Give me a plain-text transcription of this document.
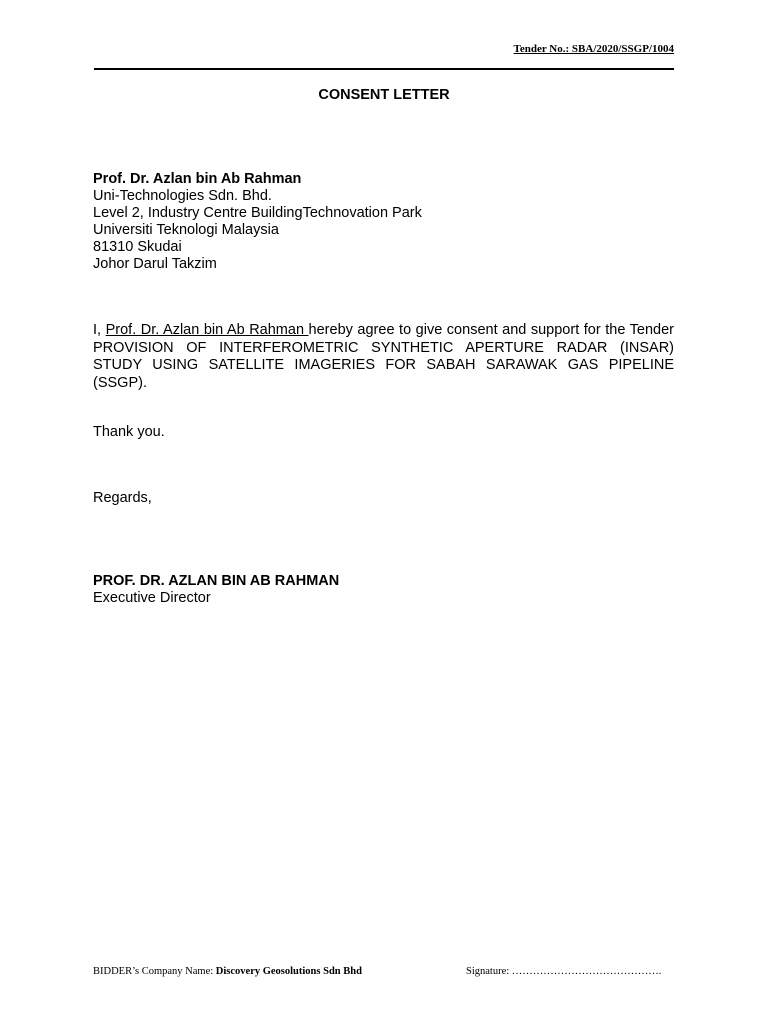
Tender No.: SBA/2020/SSGP/1004
CONSENT LETTER
Prof. Dr. Azlan bin Ab Rahman
Uni-Technologies Sdn. Bhd.
Level 2, Industry Centre BuildingTechnovation Park
Universiti Teknologi Malaysia
81310 Skudai
Johor Darul Takzim
I, Prof. Dr. Azlan bin Ab Rahman hereby agree to give consent and support for the Tender PROVISION OF INTERFEROMETRIC SYNTHETIC APERTURE RADAR (INSAR) STUDY USING SATELLITE IMAGERIES FOR SABAH SARAWAK GAS PIPELINE (SSGP).
Thank you.
Regards,
PROF. DR. AZLAN BIN AB RAHMAN
Executive Director
BIDDER’s Company Name: Discovery Geosolutions Sdn Bhd	Signature: …………………………………….
